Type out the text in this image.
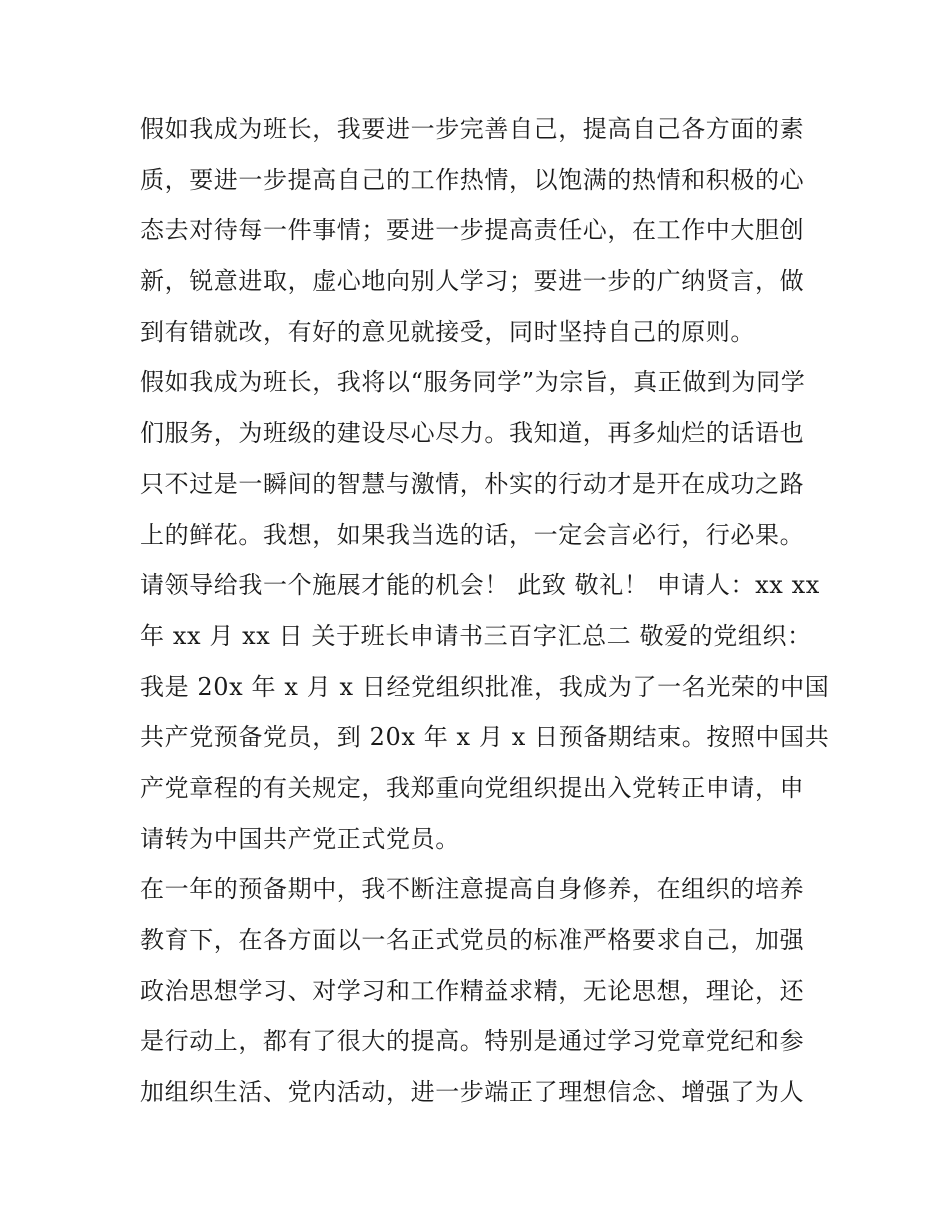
假如我成为班长，我要进一步完善自己，提高自己各方面的素
质，要进一步提高自己的工作热情，以饱满的热情和积极的心
态去对待每一件事情；要进一步提高责任心，在工作中大胆创
新，锐意进取，虚心地向别人学习；要进一步的广纳贤言，做
到有错就改，有好的意见就接受，同时坚持自己的原则。
假如我成为班长，我将以“服务同学”为宗旨，真正做到为同学
们服务，为班级的建设尽心尽力。我知道，再多灿烂的话语也
只不过是一瞬间的智慧与激情，朴实的行动才是开在成功之路
上的鲜花。我想，如果我当选的话，一定会言必行，行必果。
请领导给我一个施展才能的机会！ 此致 敬礼！ 申请人：xx xx
年 xx 月 xx 日 关于班长申请书三百字汇总二 敬爱的党组织：
我是 20x 年 x 月 x 日经党组织批准，我成为了一名光荣的中国
共产党预备党员，到 20x 年 x 月 x 日预备期结束。按照中国共
产党章程的有关规定，我郑重向党组织提出入党转正申请，申
请转为中国共产党正式党员。
在一年的预备期中，我不断注意提高自身修养，在组织的培养
教育下，在各方面以一名正式党员的标准严格要求自己，加强
政治思想学习、对学习和工作精益求精，无论思想，理论，还
是行动上，都有了很大的提高。特别是通过学习党章党纪和参
加组织生活、党内活动，进一步端正了理想信念、增强了为人
